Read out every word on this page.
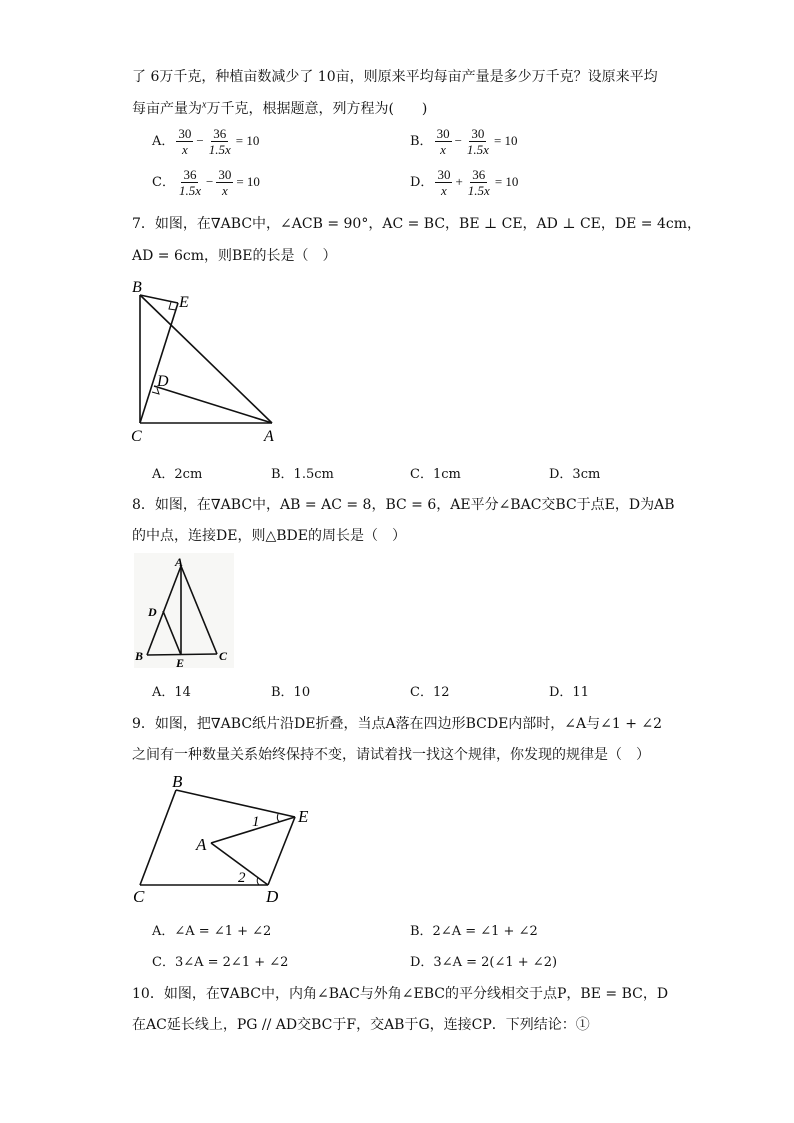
了 6万千克，种植亩数减少了 10亩，则原来平均每亩产量是多少万千克？设原来平均
每亩产量为$^x$万千克，根据题意，列方程为(　　)
A． $\frac{30}{x} - \frac{36}{1.5x} = 10$	B． $\frac{30}{x} - \frac{30}{1.5x} = 10$
C． $\frac{36}{1.5x} - \frac{30}{x} = 10$	D． $\frac{30}{x} + \frac{36}{1.5x} = 10$
7．如图，在∇ABC中，∠ACB = 90°，AC = BC，BE ⊥ CE，AD ⊥ CE，DE = 4cm，
AD = 6cm，则BE的长是（　）
B
E
D
C	A
A．2cm	B．1.5cm	C．1cm	D．3cm
8．如图，在∇ABC中，AB = AC = 8，BC = 6，AE平分∠BAC交BC于点E，D为AB
的中点，连接DE，则△BDE的周长是（　）
A
D
B	E	C
A．14	B．10	C．12	D．11
9．如图，把∇ABC纸片沿DE折叠，当点A落在四边形BCDE内部时，∠A与∠1 + ∠2
之间有一种数量关系始终保持不变，请试着找一找这个规律，你发现的规律是（　）
B
E
A
C	D
1
2
A．∠A = ∠1 + ∠2	B．2∠A = ∠1 + ∠2
C．3∠A = 2∠1 + ∠2	D．3∠A = 2(∠1 + ∠2)
10．如图，在∇ABC中，内角∠BAC与外角∠EBC的平分线相交于点P，BE = BC，D
在AC延长线上，PG // AD交BC于F，交AB于G，连接CP．下列结论：①
